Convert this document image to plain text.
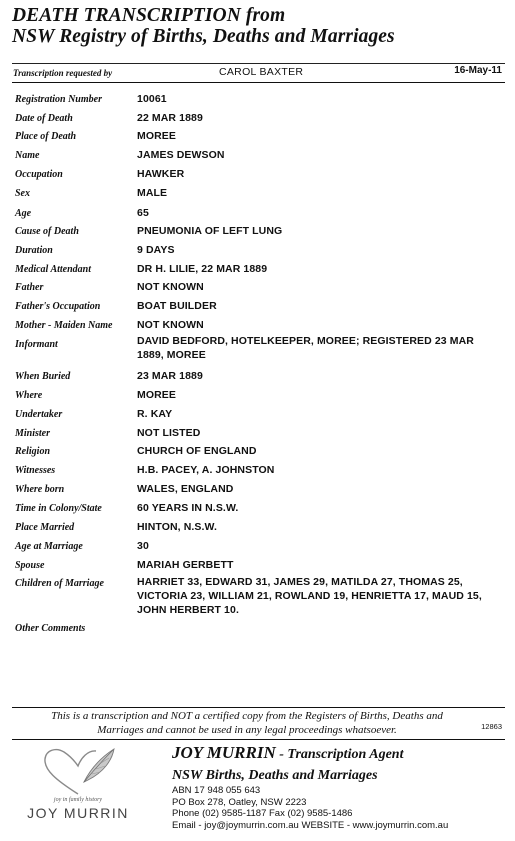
DEATH TRANSCRIPTION from
NSW Registry of Births, Deaths and Marriages
Transcription requested by	CAROL BAXTER	16-May-11
Registration Number	10061
Date of Death	22 MAR 1889
Place of Death	MOREE
Name	JAMES DEWSON
Occupation	HAWKER
Sex	MALE
Age	65
Cause of Death	PNEUMONIA OF LEFT LUNG
Duration	9 DAYS
Medical Attendant	DR H. LILIE, 22 MAR 1889
Father	NOT KNOWN
Father's Occupation	BOAT BUILDER
Mother - Maiden Name	NOT KNOWN
Informant	DAVID BEDFORD, HOTELKEEPER, MOREE; REGISTERED 23 MAR 1889, MOREE
When Buried	23 MAR 1889
Where	MOREE
Undertaker	R. KAY
Minister	NOT LISTED
Religion	CHURCH OF ENGLAND
Witnesses	H.B. PACEY, A. JOHNSTON
Where born	WALES, ENGLAND
Time in Colony/State	60 YEARS IN N.S.W.
Place Married	HINTON, N.S.W.
Age at Marriage	30
Spouse	MARIAH GERBETT
Children of Marriage	HARRIET 33, EDWARD 31, JAMES 29, MATILDA 27, THOMAS 25, VICTORIA 23, WILLIAM 21, ROWLAND 19, HENRIETTA 17, MAUD 15, JOHN HERBERT 10.
Other Comments
This is a transcription and NOT a certified copy from the Registers of Births, Deaths and
Marriages and cannot be used in any legal proceedings whatsoever.	12863
joy in family history
JOY MURRIN
JOY MURRIN - Transcription Agent
NSW Births, Deaths and Marriages
ABN 17 948 055 643
PO Box 278, Oatley, NSW 2223
Phone (02) 9585-1187 Fax (02) 9585-1486
Email - joy@joymurrin.com.au WEBSITE - www.joymurrin.com.au
